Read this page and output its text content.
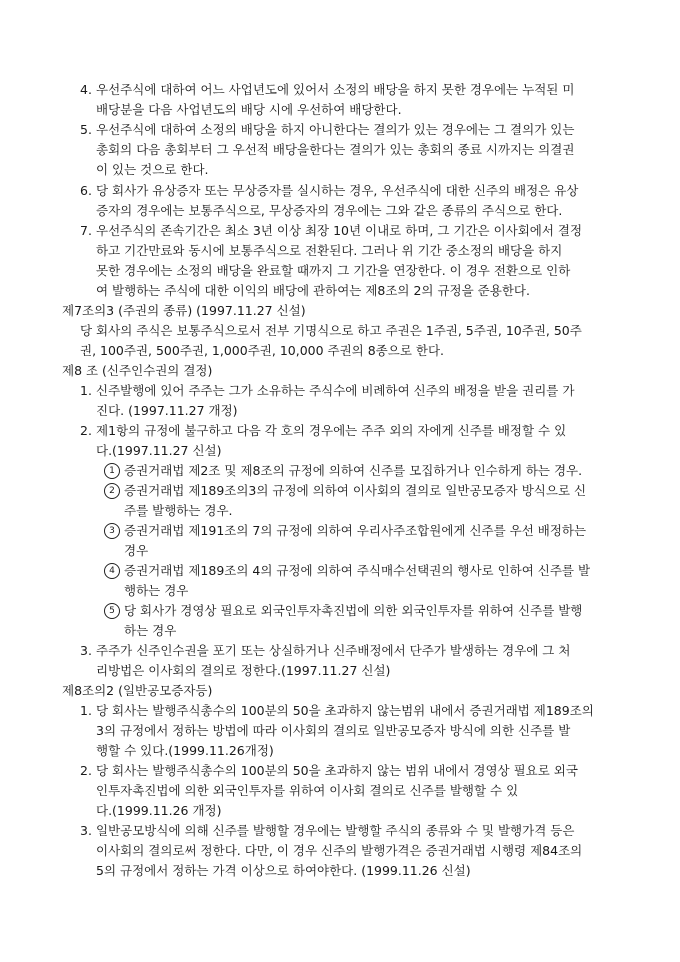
4. 우선주식에 대하여 어느 사업년도에 있어서 소정의 배당을 하지 못한 경우에는 누적된 미
배당분을 다음 사업년도의 배당 시에 우선하여 배당한다.
5. 우선주식에 대하여 소정의 배당을 하지 아니한다는 결의가 있는 경우에는 그 결의가 있는
총회의 다음 총회부터 그 우선적 배당을한다는 결의가 있는 총회의 종료 시까지는 의결권
이 있는 것으로 한다.
6. 당 회사가 유상증자 또는 무상증자를 실시하는 경우, 우선주식에 대한 신주의 배정은 유상
증자의 경우에는 보통주식으로, 무상증자의 경우에는 그와 같은 종류의 주식으로 한다.
7. 우선주식의 존속기간은 최소 3년 이상 최장 10년 이내로 하며, 그 기간은 이사회에서 결정
하고 기간만료와 동시에 보통주식으로 전환된다. 그러나 위 기간 중소정의 배당을 하지
못한 경우에는 소정의 배당을 완료할 때까지 그 기간을 연장한다. 이 경우 전환으로 인하
여 발행하는 주식에 대한 이익의 배당에 관하여는 제8조의 2의 규정을 준용한다.
제7조의3 (주권의 종류) (1997.11.27 신설)
당 회사의 주식은 보통주식으로서 전부 기명식으로 하고 주권은 1주권, 5주권, 10주권, 50주
권, 100주권, 500주권, 1,000주권, 10,000 주권의 8종으로 한다.
제8 조 (신주인수권의 결정)
1. 신주발행에 있어 주주는 그가 소유하는 주식수에 비례하여 신주의 배정을 받을 권리를 가
진다. (1997.11.27 개정)
2. 제1항의 규정에 불구하고 다음 각 호의 경우에는 주주 외의 자에게 신주를 배정할 수 있
다.(1997.11.27 신설)
1 증권거래법 제2조 및 제8조의 규정에 의하여 신주를 모집하거나 인수하게 하는 경우.
2 증권거래법 제189조의3의 규정에 의하여 이사회의 결의로 일반공모증자 방식으로 신
주를 발행하는 경우.
3 증권거래법 제191조의 7의 규정에 의하여 우리사주조합원에게 신주를 우선 배정하는
경우
4 증권거래법 제189조의 4의 규정에 의하여 주식매수선택권의 행사로 인하여 신주를 발
행하는 경우
5 당 회사가 경영상 필요로 외국인투자촉진법에 의한 외국인투자를 위하여 신주를 발행
하는 경우
3. 주주가 신주인수권을 포기 또는 상실하거나 신주배정에서 단주가 발생하는 경우에 그 처
리방법은 이사회의 결의로 정한다.(1997.11.27 신설)
제8조의2 (일반공모증자등)
1. 당 회사는 발행주식총수의 100분의 50을 초과하지 않는범위 내에서 증권거래법 제189조의
3의 규정에서 정하는 방법에 따라 이사회의 결의로 일반공모증자 방식에 의한 신주를 발
행할 수 있다.(1999.11.26개정)
2. 당 회사는 발행주식총수의 100분의 50을 초과하지 않는 범위 내에서 경영상 필요로 외국
인투자촉진법에 의한 외국인투자를 위하여 이사회 결의로 신주를 발행할 수 있
다.(1999.11.26 개정)
3. 일반공모방식에 의해 신주를 발행할 경우에는 발행할 주식의 종류와 수 및 발행가격 등은
이사회의 결의로써 정한다. 다만, 이 경우 신주의 발행가격은 증권거래법 시행령 제84조의
5의 규정에서 정하는 가격 이상으로 하여야한다. (1999.11.26 신설)
